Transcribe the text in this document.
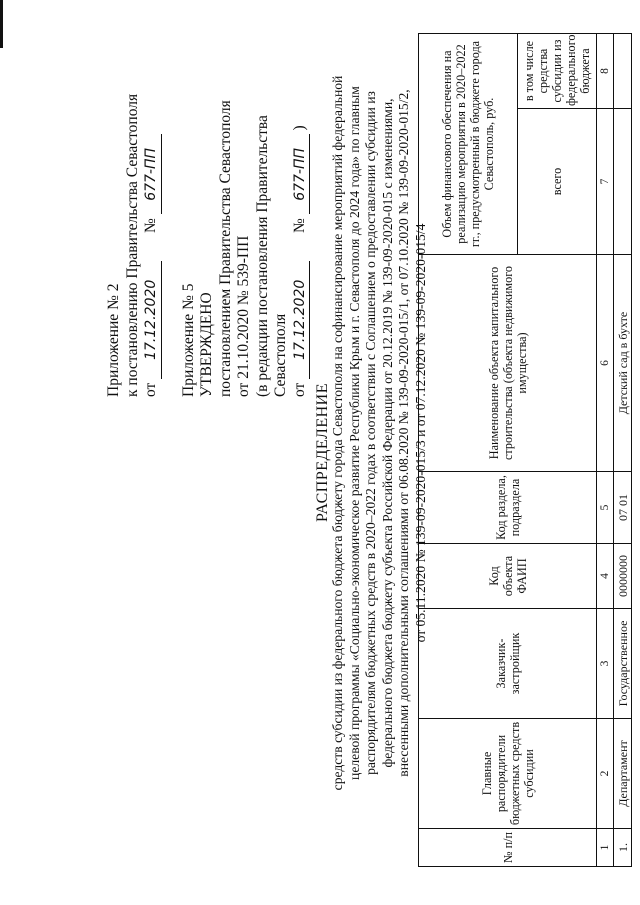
Приложение № 2 к постановлению Правительства Севастополя от 17.12.2020  № 677-ПП
Приложение № 5 УТВЕРЖДЕНО постановлением Правительства Севастополя от 21.10.2020 № 539-ПП (в редакции постановления Правительства Севастополя от 17.12.2020  № 677-ПП )
РАСПРЕДЕЛЕНИЕ средств субсидии из федерального бюджета бюджету города Севастополя на софинансирование мероприятий федеральной целевой программы «Социально-экономическое развитие Республики Крым и г. Севастополя до 2024 года» по главным распорядителям бюджетных средств в 2020–2022 годах в соответствии с Соглашением о предоставлении субсидии из федерального бюджета бюджету субъекта Российской Федерации от 20.12.2019 № 139-09-2020-015 с изменениями, внесенными дополнительными соглашениями от 06.08.2020 № 139-09-2020-015/1, от 07.10.2020 № 139-09-2020-015/2, от 05.11.2020 № 139-09-2020-015/3 и от 07.12.2020 № 139-09-2020-015/4
№ п/п	Главные распорядители бюджетных средств субсидии	Заказчик-застройщик	Код объекта ФАИП	Код раздела, подраздела	Наименование объекта капитального строительства (объекта недвижимого имущества)	Объем финансового обеспечения на реализацию мероприятия в 2020–2022 гг., предусмотренный в бюджете города Севастополь, руб.	
						всего	в том числе средства субсидии из федерального бюджета
1	2	3	4	5	6	7	8
1.	Департамент	Государственное	0000000	07 01	Детский сад в бухте		
